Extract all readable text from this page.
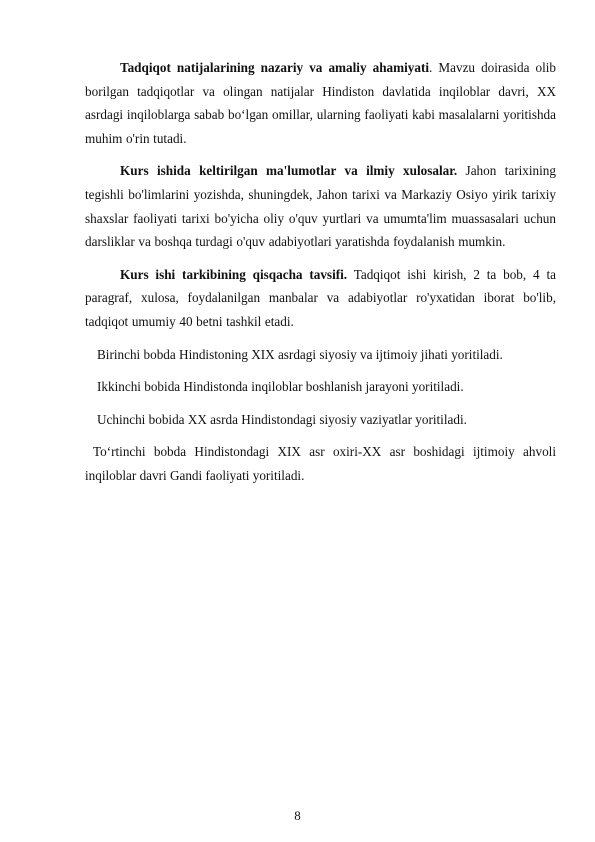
Tadqiqot natijalarining nazariy va amaliy ahamiyati. Mavzu doirasida olib borilgan tadqiqotlar va olingan natijalar Hindiston davlatida inqiloblar davri, XX asrdagi inqiloblarga sabab boʻlgan omillar, ularning faoliyati kabi masalalarni yoritishda muhim o'rin tutadi.

Kurs ishida keltirilgan ma'lumotlar va ilmiy xulosalar. Jahon tarixining tegishli bo'limlarini yozishda, shuningdek, Jahon tarixi va Markaziy Osiyo yirik tarixiy shaxslar faoliyati tarixi bo'yicha oliy o'quv yurtlari va umumta'lim muassasalari uchun darsliklar va boshqa turdagi o'quv adabiyotlari yaratishda foydalanish mumkin.

Kurs ishi tarkibining qisqacha tavsifi. Tadqiqot ishi kirish, 2 ta bob, 4 ta paragraf, xulosa, foydalanilgan manbalar va adabiyotlar ro'yxatidan iborat bo'lib, tadqiqot umumiy 40 betni tashkil etadi.

Birinchi bobda Hindistoning XIX asrdagi siyosiy va ijtimoiy jihati yoritiladi.

Ikkinchi bobida Hindistonda inqiloblar boshlanish jarayoni yoritiladi.

Uchinchi bobida XX asrda Hindistondagi siyosiy vaziyatlar yoritiladi.

Toʻrtinchi bobda Hindistondagi XIX asr oxiri-XX asr boshidagi ijtimoiy ahvoli inqiloblar davri Gandi faoliyati yoritiladi.

8
